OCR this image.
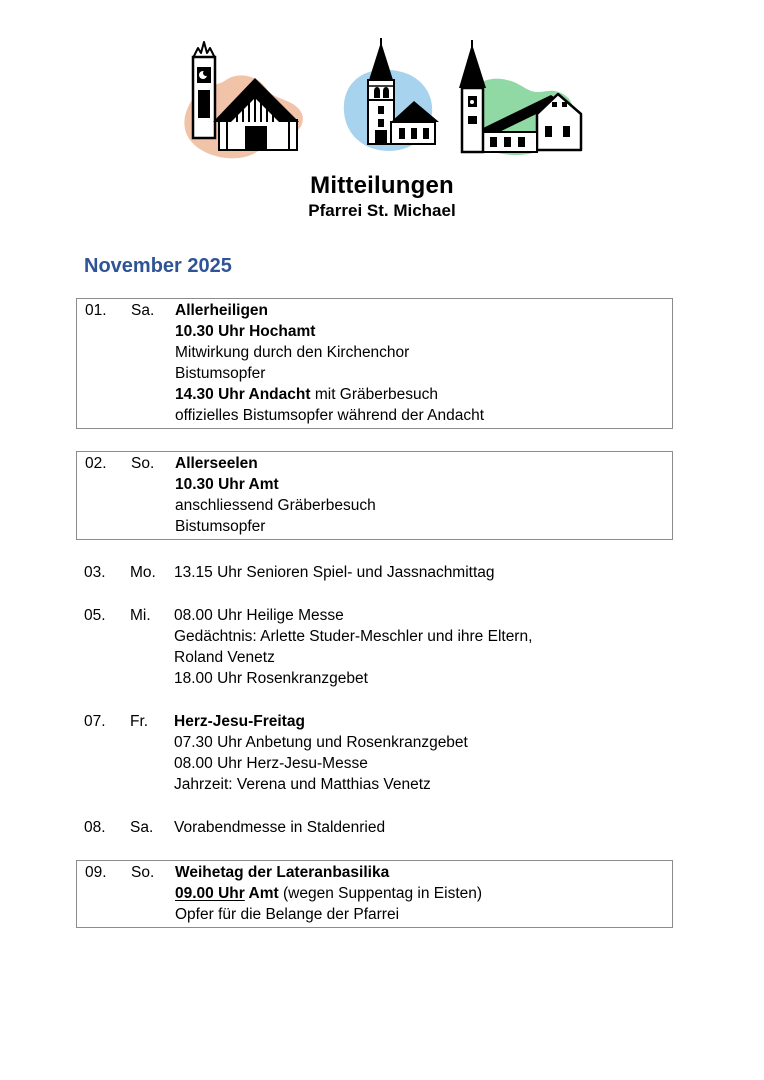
Mitteilungen
Pfarrei St. Michael
November 2025
01.	Sa.	Allerheiligen
10.30 Uhr Hochamt
Mitwirkung durch den Kirchenchor
Bistumsopfer
14.30 Uhr Andacht mit Gräberbesuch
offizielles Bistumsopfer während der Andacht
02.	So.	Allerseelen
10.30 Uhr Amt
anschliessend Gräberbesuch
Bistumsopfer
03.	Mo.	13.15 Uhr Senioren Spiel- und Jassnachmittag
05.	Mi.	08.00 Uhr Heilige Messe
Gedächtnis: Arlette Studer-Meschler und ihre Eltern,
Roland Venetz
18.00 Uhr Rosenkranzgebet
07.	Fr.	Herz-Jesu-Freitag
07.30 Uhr Anbetung und Rosenkranzgebet
08.00 Uhr Herz-Jesu-Messe
Jahrzeit: Verena und Matthias Venetz
08.	Sa.	Vorabendmesse in Staldenried
09.	So.	Weihetag der Lateranbasilika
09.00 Uhr Amt (wegen Suppentag in Eisten)
Opfer für die Belange der Pfarrei
